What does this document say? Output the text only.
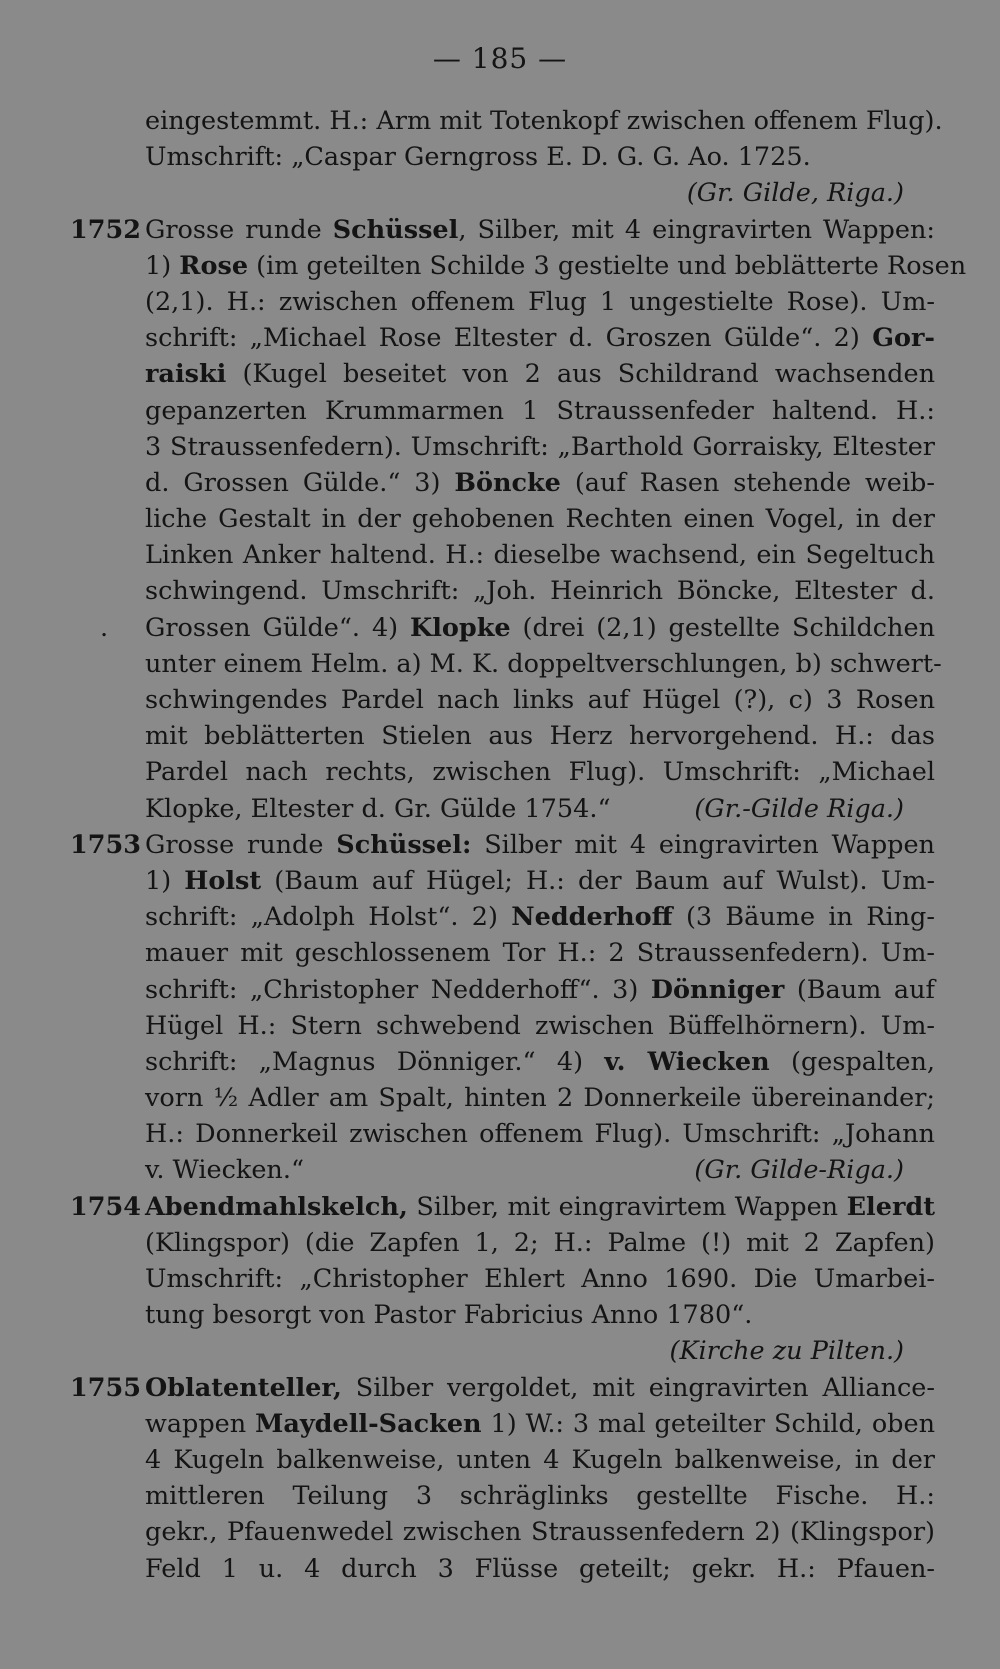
— 185 —
eingestemmt. H.: Arm mit Totenkopf zwischen offenem Flug).
Umschrift: „Caspar Gerngross E. D. G. G. Ao. 1725.
(Gr. Gilde, Riga.)
1752 Grosse runde Schüssel, Silber, mit 4 eingravirten Wappen:
1) Rose (im geteilten Schilde 3 gestielte und beblätterte Rosen
(2,1). H.: zwischen offenem Flug 1 ungestielte Rose). Um-
schrift: „Michael Rose Eltester d. Groszen Gülde“. 2) Gor-
raiski (Kugel beseitet von 2 aus Schildrand wachsenden
gepanzerten Krummarmen 1 Straussenfeder haltend. H.:
3 Straussenfedern). Umschrift: „Barthold Gorraisky, Eltester
d. Grossen Gülde.“ 3) Böncke (auf Rasen stehende weib-
liche Gestalt in der gehobenen Rechten einen Vogel, in der
Linken Anker haltend. H.: dieselbe wachsend, ein Segeltuch
schwingend. Umschrift: „Joh. Heinrich Böncke, Eltester d.
. Grossen Gülde“. 4) Klopke (drei (2,1) gestellte Schildchen
unter einem Helm. a) M. K. doppeltverschlungen, b) schwert-
schwingendes Pardel nach links auf Hügel (?), c) 3 Rosen
mit beblätterten Stielen aus Herz hervorgehend. H.: das
Pardel nach rechts, zwischen Flug). Umschrift: „Michael
Klopke, Eltester d. Gr. Gülde 1754.“	(Gr.-Gilde Riga.)
1753 Grosse runde Schüssel: Silber mit 4 eingravirten Wappen
1) Holst (Baum auf Hügel; H.: der Baum auf Wulst). Um-
schrift: „Adolph Holst“. 2) Nedderhoff (3 Bäume in Ring-
mauer mit geschlossenem Tor H.: 2 Straussenfedern). Um-
schrift: „Christopher Nedderhoff“. 3) Dönniger (Baum auf
Hügel H.: Stern schwebend zwischen Büffelhörnern). Um-
schrift: „Magnus Dönniger.“ 4) v. Wiecken (gespalten,
vorn ½ Adler am Spalt, hinten 2 Donnerkeile übereinander;
H.: Donnerkeil zwischen offenem Flug). Umschrift: „Johann
v. Wiecken.“	(Gr. Gilde-Riga.)
1754 Abendmahlskelch, Silber, mit eingravirtem Wappen Elerdt
(Klingspor) (die Zapfen 1, 2; H.: Palme (!) mit 2 Zapfen)
Umschrift: „Christopher Ehlert Anno 1690. Die Umarbei-
tung besorgt von Pastor Fabricius Anno 1780“.
(Kirche zu Pilten.)
1755 Oblatenteller, Silber vergoldet, mit eingravirten Alliance-
wappen Maydell-Sacken 1) W.: 3 mal geteilter Schild, oben
4 Kugeln balkenweise, unten 4 Kugeln balkenweise, in der
mittleren Teilung 3 schräglinks gestellte Fische. H.:
gekr., Pfauenwedel zwischen Straussenfedern 2) (Klingspor)
Feld 1 u. 4 durch 3 Flüsse geteilt; gekr. H.: Pfauen-
